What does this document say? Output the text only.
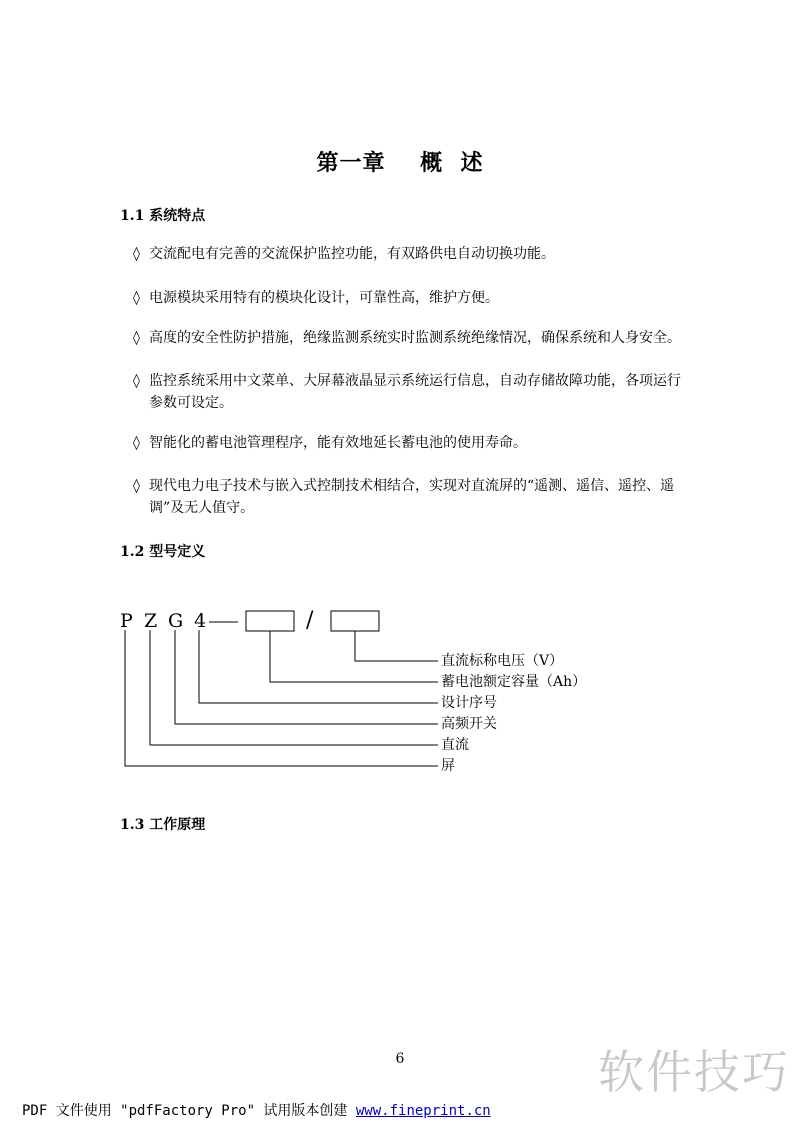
第一章    概  述
1.1 系统特点
◊ 交流配电有完善的交流保护监控功能，有双路供电自动切换功能。
◊ 电源模块采用特有的模块化设计，可靠性高，维护方便。
◊ 高度的安全性防护措施，绝缘监测系统实时监测系统绝缘情况，确保系统和人身安全。
◊ 监控系统采用中文菜单、大屏幕液晶显示系统运行信息，自动存储故障功能，各项运行
参数可设定。
◊ 智能化的蓄电池管理程序，能有效地延长蓄电池的使用寿命。
◊ 现代电力电子技术与嵌入式控制技术相结合，实现对直流屏的“遥测、遥信、遥控、遥
调”及无人值守。
1.2 型号定义
P Z G 4	/
直流标称电压（V）
蓄电池额定容量（Ah）
设计序号
高频开关
直流
屏
1.3 工作原理
6	软件技巧
PDF 文件使用 "pdfFactory Pro" 试用版本创建 www.fineprint.cn
